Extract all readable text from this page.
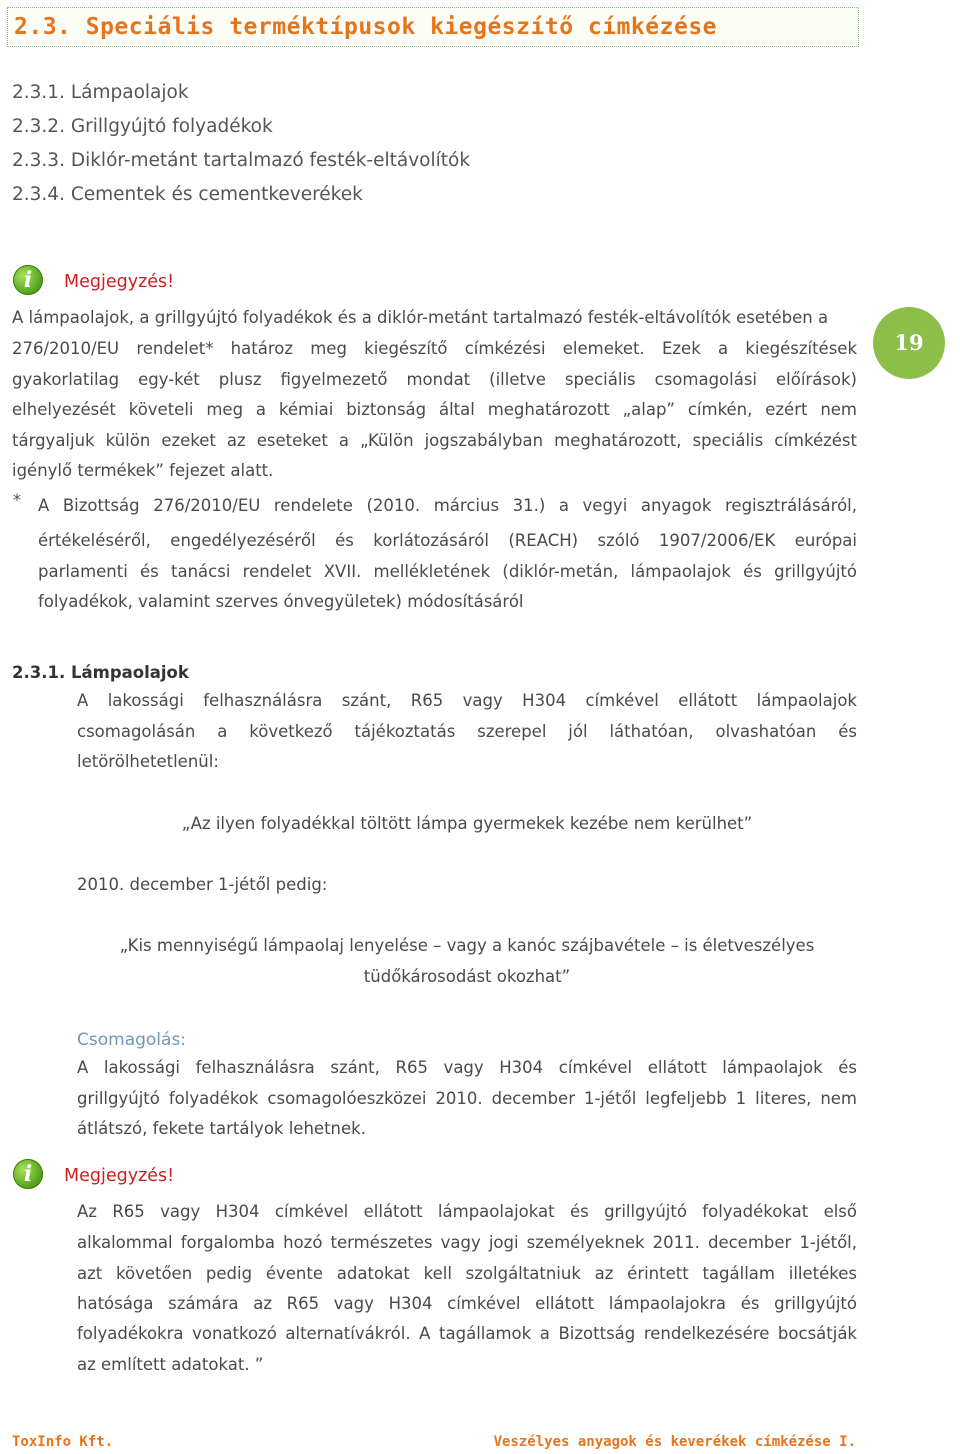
2.3. Speciális terméktípusok kiegészítő címkézése
2.3.1. Lámpaolajok
2.3.2. Grillgyújtó folyadékok
2.3.3. Diklór-metánt tartalmazó festék-eltávolítók
2.3.4. Cementek és cementkeverékek
i	Megjegyzés!
A lámpaolajok, a grillgyújtó folyadékok és a diklór-metánt tartalmazó festék-eltávolítók esetében a
276/2010/EU rendelet* határoz meg kiegészítő címkézési elemeket. Ezek a kiegészítések
gyakorlatilag egy-két plusz figyelmezető mondat (illetve speciális csomagolási előírások)
elhelyezését követeli meg a kémiai biztonság által meghatározott „alap” címkén, ezért nem
tárgyaljuk külön ezeket az eseteket a „Külön jogszabályban meghatározott, speciális címkézést
igénylő termékek” fejezet alatt.
19
* A Bizottság 276/2010/EU rendelete (2010. március 31.) a vegyi anyagok regisztrálásáról,
értékeléséről, engedélyezéséről és korlátozásáról (REACH) szóló 1907/2006/EK európai
parlamenti és tanácsi rendelet XVII. mellékletének (diklór-metán, lámpaolajok és grillgyújtó
folyadékok, valamint szerves ónvegyületek) módosításáról
2.3.1. Lámpaolajok
A lakossági felhasználásra szánt, R65 vagy H304 címkével ellátott lámpaolajok
csomagolásán a következő tájékoztatás szerepel jól láthatóan, olvashatóan és
letörölhetetlenül:
„Az ilyen folyadékkal töltött lámpa gyermekek kezébe nem kerülhet”
2010. december 1-jétől pedig:
„Kis mennyiségű lámpaolaj lenyelése – vagy a kanóc szájbavétele – is életveszélyes
tüdőkárosodást okozhat”
Csomagolás:
A lakossági felhasználásra szánt, R65 vagy H304 címkével ellátott lámpaolajok és
grillgyújtó folyadékok csomagolóeszközei 2010. december 1-jétől legfeljebb 1 literes, nem
átlátszó, fekete tartályok lehetnek.
i	Megjegyzés!
Az R65 vagy H304 címkével ellátott lámpaolajokat és grillgyújtó folyadékokat első
alkalommal forgalomba hozó természetes vagy jogi személyeknek 2011. december 1-jétől,
azt követően pedig évente adatokat kell szolgáltatniuk az érintett tagállam illetékes
hatósága számára az R65 vagy H304 címkével ellátott lámpaolajokra és grillgyújtó
folyadékokra vonatkozó alternatívákról. A tagállamok a Bizottság rendelkezésére bocsátják
az említett adatokat. ”
ToxInfo Kft.	Veszélyes anyagok és keverékek címkézése I.
